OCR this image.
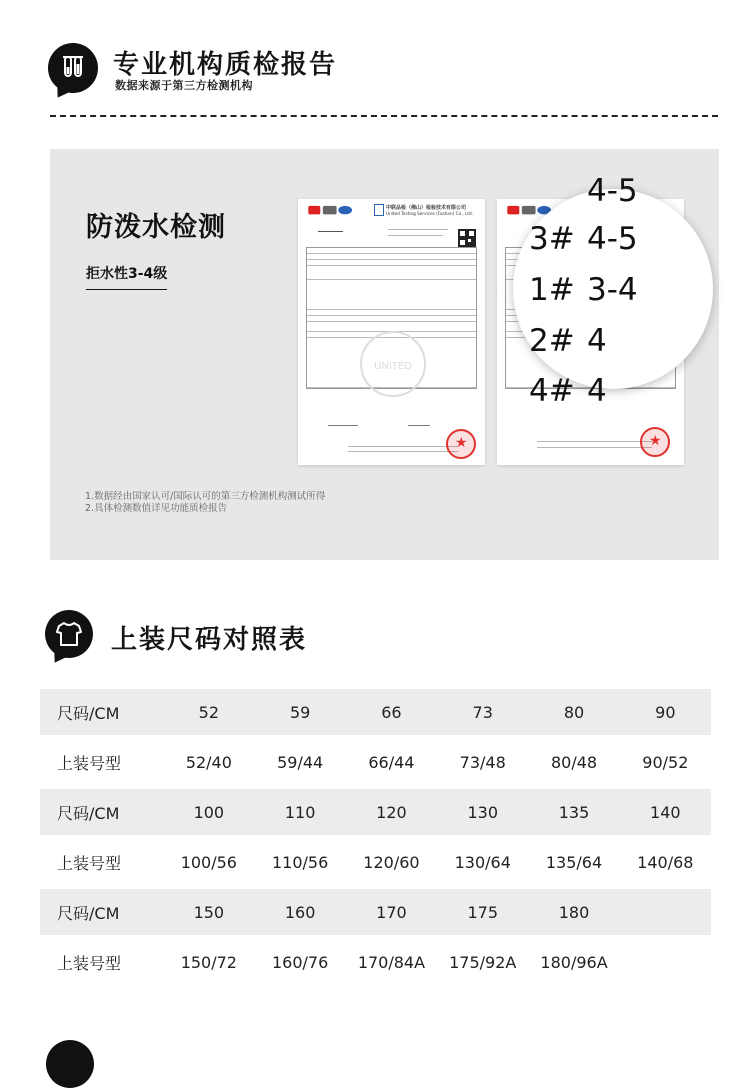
专业机构质检报告
数据来源于第三方检测机构
防泼水检测
拒水性3-4级
1.数据经由国家认可/国际认可的第三方检测机构测试所得
2.具体检测数值详见功能质检报告
中联品检（佛山）检验技术有限公司
United Testing Services (Foshan) Co., Ltd.
UNITED
★
★
4-5
3# 4-5
1# 3-4
2# 4
4# 4
上装尺码对照表
尺码/CM	52	59	66	73	80	90
上装号型	52/40	59/44	66/44	73/48	80/48	90/52
尺码/CM	100	110	120	130	135	140
上装号型	100/56	110/56	120/60	130/64	135/64	140/68
尺码/CM	150	160	170	175	180
上装号型	150/72	160/76	170/84A	175/92A	180/96A
